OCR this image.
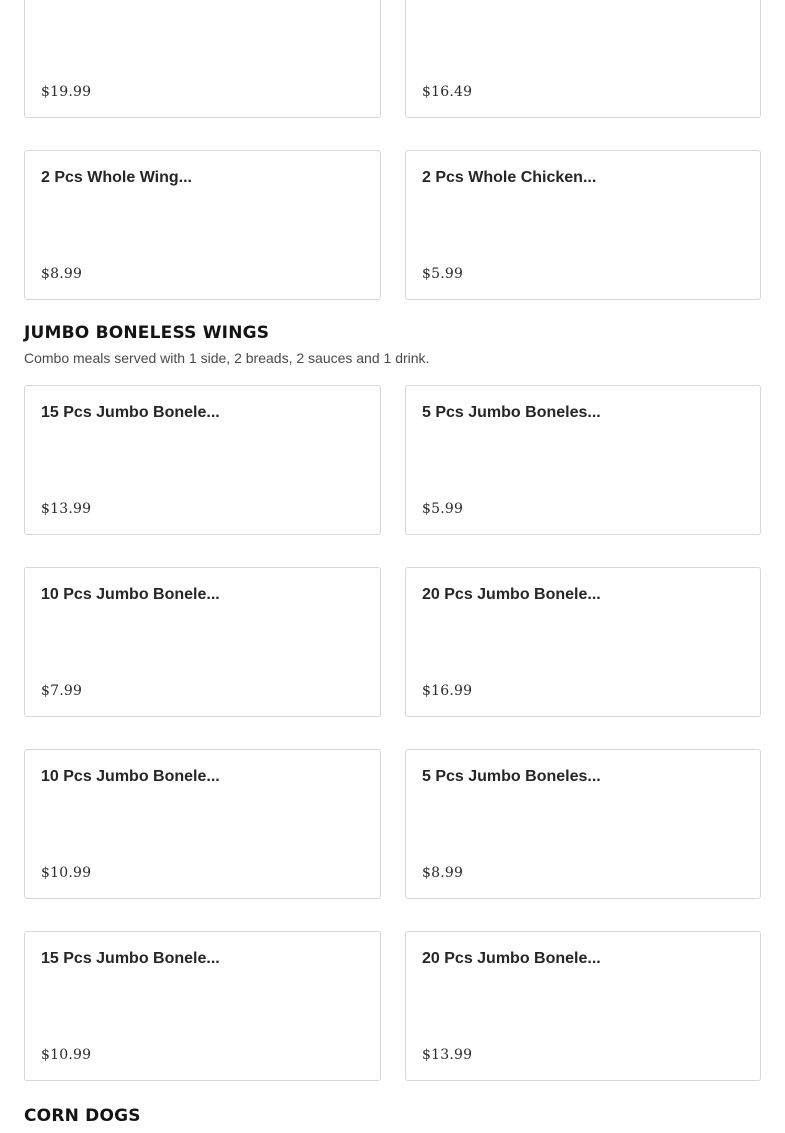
$19.99	$16.49
2 Pcs Whole Wing...
$8.99
2 Pcs Whole Chicken...
$5.99
JUMBO BONELESS WINGS

Combo meals served with 1 side, 2 breads, 2 sauces and 1 drink.

15 Pcs Jumbo Bonele...
$13.99
5 Pcs Jumbo Boneles...
$5.99
10 Pcs Jumbo Bonele...
$7.99
20 Pcs Jumbo Bonele...
$16.99
10 Pcs Jumbo Bonele...
$10.99
5 Pcs Jumbo Boneles...
$8.99
15 Pcs Jumbo Bonele...
$10.99
20 Pcs Jumbo Bonele...
$13.99
CORN DOGS
